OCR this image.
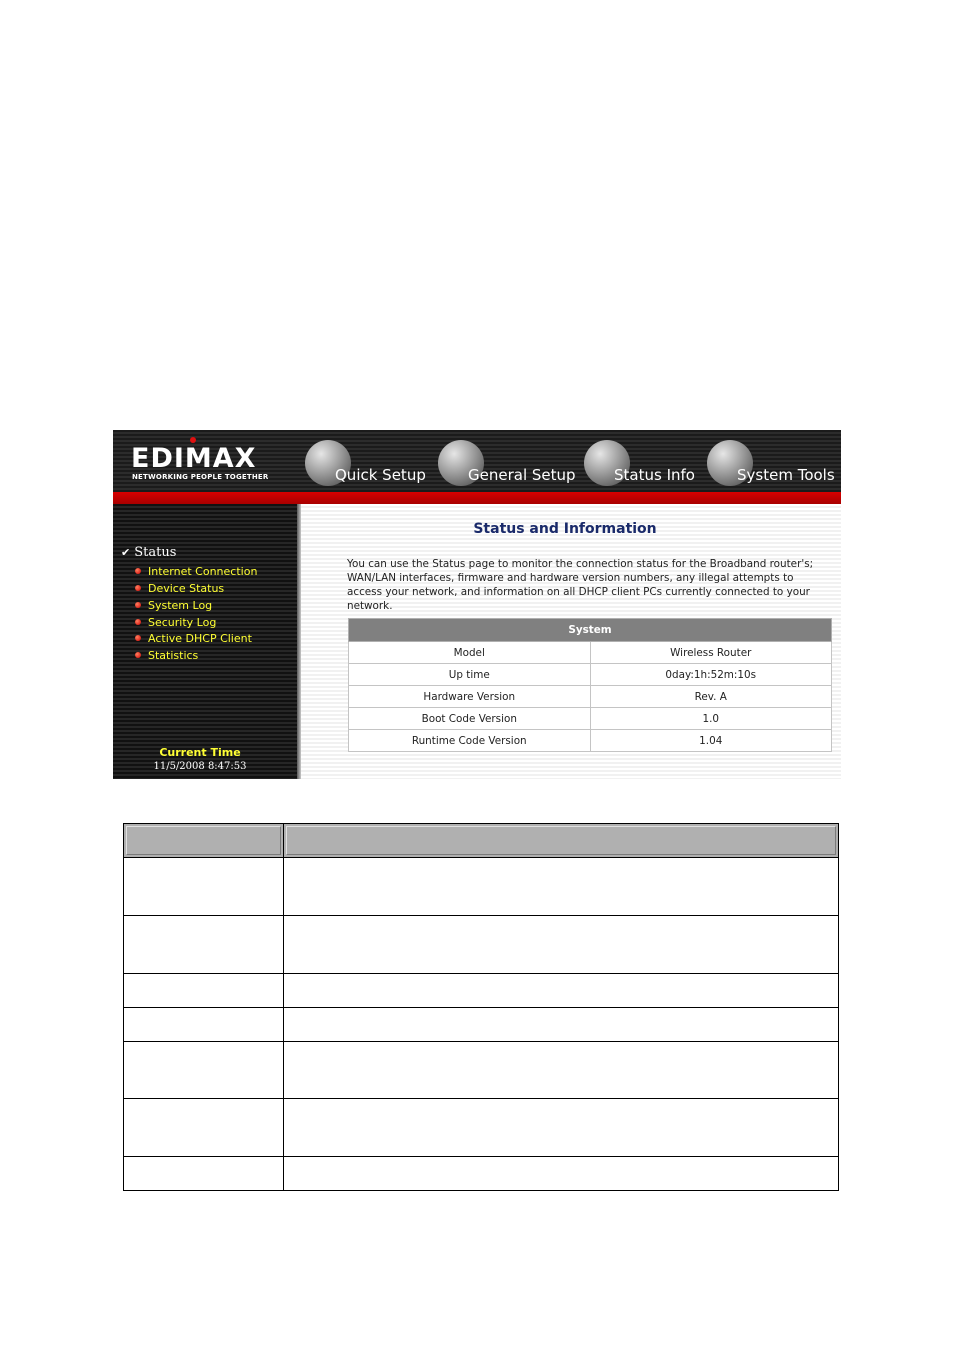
EDIMAX
NETWORKING PEOPLE TOGETHER	Quick Setup	General Setup	Status Info	System Tools
✔ Status
Internet Connection
Device Status
System Log
Security Log
Active DHCP Client
Statistics
Current Time
11/5/2008 8:47:53
Status and Information
You can use the Status page to monitor the connection status for the Broadband router's; WAN/LAN interfaces, firmware and hardware version numbers, any illegal attempts to access your network, and information on all DHCP client PCs currently connected to your network.
System	
Model	Wireless Router
Up time	0day:1h:52m:10s
Hardware Version	Rev. A
Boot Code Version	1.0
Runtime Code Version	1.04
